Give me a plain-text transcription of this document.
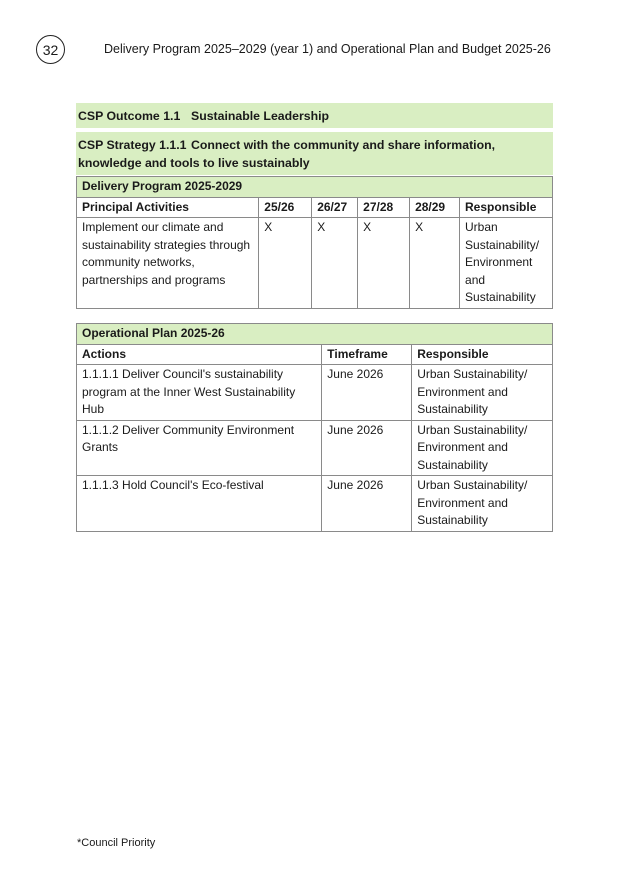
32	Delivery Program 2025–2029 (year 1) and Operational Plan and Budget 2025-26
CSP Outcome 1.1 Sustainable Leadership
CSP Strategy 1.1.1 Connect with the community and share information, knowledge and tools to live sustainably
Delivery Program 2025-2029					
Principal Activities	25/26	26/27	27/28	28/29	Responsible
Implement our climate and sustainability strategies through community networks, partnerships and programs	X	X	X	X	Urban Sustainability/ Environment and Sustainability
Operational Plan 2025-26		
Actions	Timeframe	Responsible
1.1.1.1 Deliver Council's sustainability program at the Inner West Sustainability Hub	June 2026	Urban Sustainability/ Environment and Sustainability
1.1.1.2 Deliver Community Environment Grants	June 2026	Urban Sustainability/ Environment and Sustainability
1.1.1.3 Hold Council's Eco-festival	June 2026	Urban Sustainability/ Environment and Sustainability
*Council Priority
